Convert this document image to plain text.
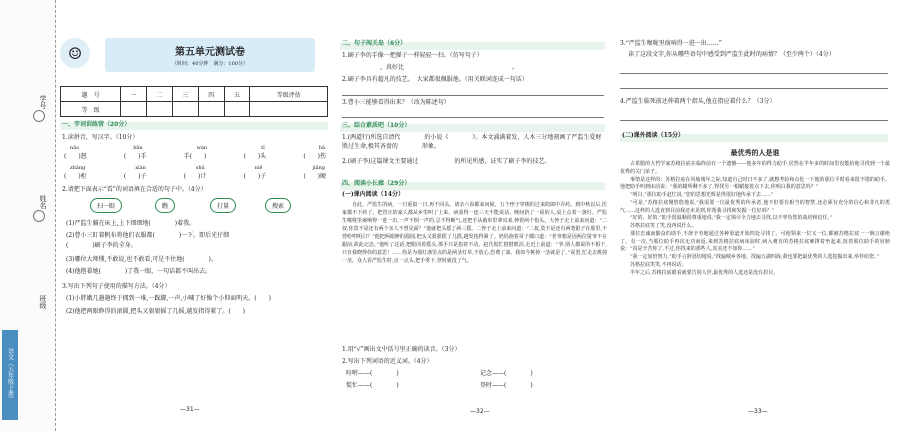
学号
姓名
班级
语文（五年级下册）
☺	第五单元测试卷
（时间：40分钟　满分：100分）
题　号	一	二	三	四	五	等级评估
等　级						
一、字词训练营（20分）
1.读拼音，写汉字。（10分）
nǎo	bān	wàn	tǐ	bā
(　　)怒	(　　)手	手(　　)	(　　)头	(　　)伤
zhǎng	xiàn	shǔ	niē	jiāng
(　　)柜	(　　)子	(　　)计	(　　)子	(　　)硬
2.请把下面表示“看”的词语填在合适的句子中。（4分）
扫一眼	瞧	打量	搜索
(1)严监生躺在床上,上下细细地(　　　　)着我。
(2)曹小三盯着帆布将他们衣服都(　　　　)一下。即后光仔细
(　　　　)刷子李的全身。
(3)哪位大师懂,不敢说,也不敢看,可是不住地(　　　　)。
(4)他抱着她(　　　　)了我一眼，一句话都不叫出去。
3.写出下列句子使用的描写方法。（4分）
(1)小胖娥几趟趟终于拥到一堆,一跺脚,一声,小喊了好像个小仰面明天。(　　)
(2)他把两眼睁得的滚圆,把头又狠狠摇了几摇,越发指得紧了。(　　)
—31—
二、句子闯关岛（6分）
1.刷子李的手像一把掸子一样轻轻一扫。（仿写句子）
，真好比　　　　　　　　　　　　　　　　　　。
2.刷子李具有超凡的技艺。　大家都很佩服他。（用关联词连成一句话）
3.曹小三能够看得出来？（改为陈述句）
三、综合素质吧（10分）
1.(两道行)所选自清代　　　　的小说《　　　　》。本文涌满着发，人木三分地刻画了严监生爱财胜过生命,极其吝啬的　　　　形象。
2.(刷子李)这篇课文主要通过　　　　　　的所见所感，证实了刷子李的技艺。
四、阅读小长廊（29分）
(一)课内阅读（14分）
自此，严监生的病，一日重似一日,再不回头。诸亲六眷都来问候。五个侄子穿梭的过来陪郎中弄药。到中秋以后,医家都不下药了。把管庄的家人都从乡里叫了上来。病重得一连三天不能说话。晚间挤了一屋的人,桌上点着一盏灯。严监生喉咙里痰响得一进一出,一声不倒一声的,总不得断气,还把手从被单里拿出来,伸着两个指头。大侄子走上前来问道：“二叔,你莫不是还有两个亲人不曾见面？”他就把头摇了两三摇。二侄子走上前来问道：“二叔,莫不是还有两笔银子在那里,不曾吩咐明白？”他把两眼睁的溜圆,把头又狠狠摇了几摇,越发指得紧了。奶妈抱着哥子插口道：“老爷想是因两位舅爷不在跟前,故此记念。”他听了这话,把眼闭着摇头,那手只是指着不动。赵氏慌忙揩揩眼泪,走近上前道：“爷,别人都说的不相干,只有我晓得你的意思！……你是为那灯盏里点的是两茎灯草,不放心,恐费了油。我如今挑掉一茎就是了。”说罢,忙走去挑掉一茎。众人看严监生时,点一点头,把手垂下,登时就没了气。
1.用“√”画出文中括号里正确的读音。（3分）
2.写出下列词语的近义词。（4分）
吩咐——(　　　　)	记念——(　　　　)
慌忙——(　　　　)	登时——(　　　　)
3.“严监生喉咙里痰响得一进一出……”
读了这段文字,你从哪些语句中感受到严监生此时的病情？（至少两个）（4分）
4.严监生临死前还伸着两个指头,他在指应着什么？（3分）
(二)课外阅读（15分）
最优秀的人是谁

古希腊的大哲学家苏格拉底在临终前有一个遗憾——他多年的得力助手,居然在半年多的时间里没能给他寻找到一个最优秀的关门弟子。

事情是这样的：苏格拉底在风烛残年之际,知道自己时日不多了,就想考验和点化一下他的那位平时看来很不错的助手。他把助手叫到床前说：“我的蜡所剩不多了,得找另一根蜡接着点下去,你明白我的意思吗？”

“明白,”那位助手赶忙说,“您的思想光辉是得很好地传承下去……”

“可是,”苏格拉底慢悠悠地说,“我需要一位最优秀的传承者,他不但要有相当的智慧,还必须有充分的信心和非凡的勇气……这样的人选直到目前我还未见到,你帮我寻找和发掘一位好吗？”

“好的、好的,”助手很温顺很尊重地说,“我一定竭尽全力地去寻找,以不辜负您的栽培和信任。”

苏格拉底笑了笑,没再说什么。

那位忠诚而勤奋的助手,不辞辛劳地通过各种渠道开始四处寻找了。可他领来一位又一位,都被苏格拉底一一婉言谢绝了。有一次,当那位助手再次无功而返,来到苏格拉底病床前时,病入膏肓的苏格拉底硬撑着坐起来,抚着那位助手的肩膀说：“真是辛苦你了,不过,你找来的那些人,其实还不如你……”

“我一定加倍努力,”助手言辞恳切地说,“找遍城乡各地、找遍五湖四海,我也要把最优秀的人选挖掘出来,举荐给您。”

苏格拉底笑笑,不再说话。

半年之后,苏格拉底眼看就要告别人世,最优秀的人选还是没有眉目。

—32—	—33—
